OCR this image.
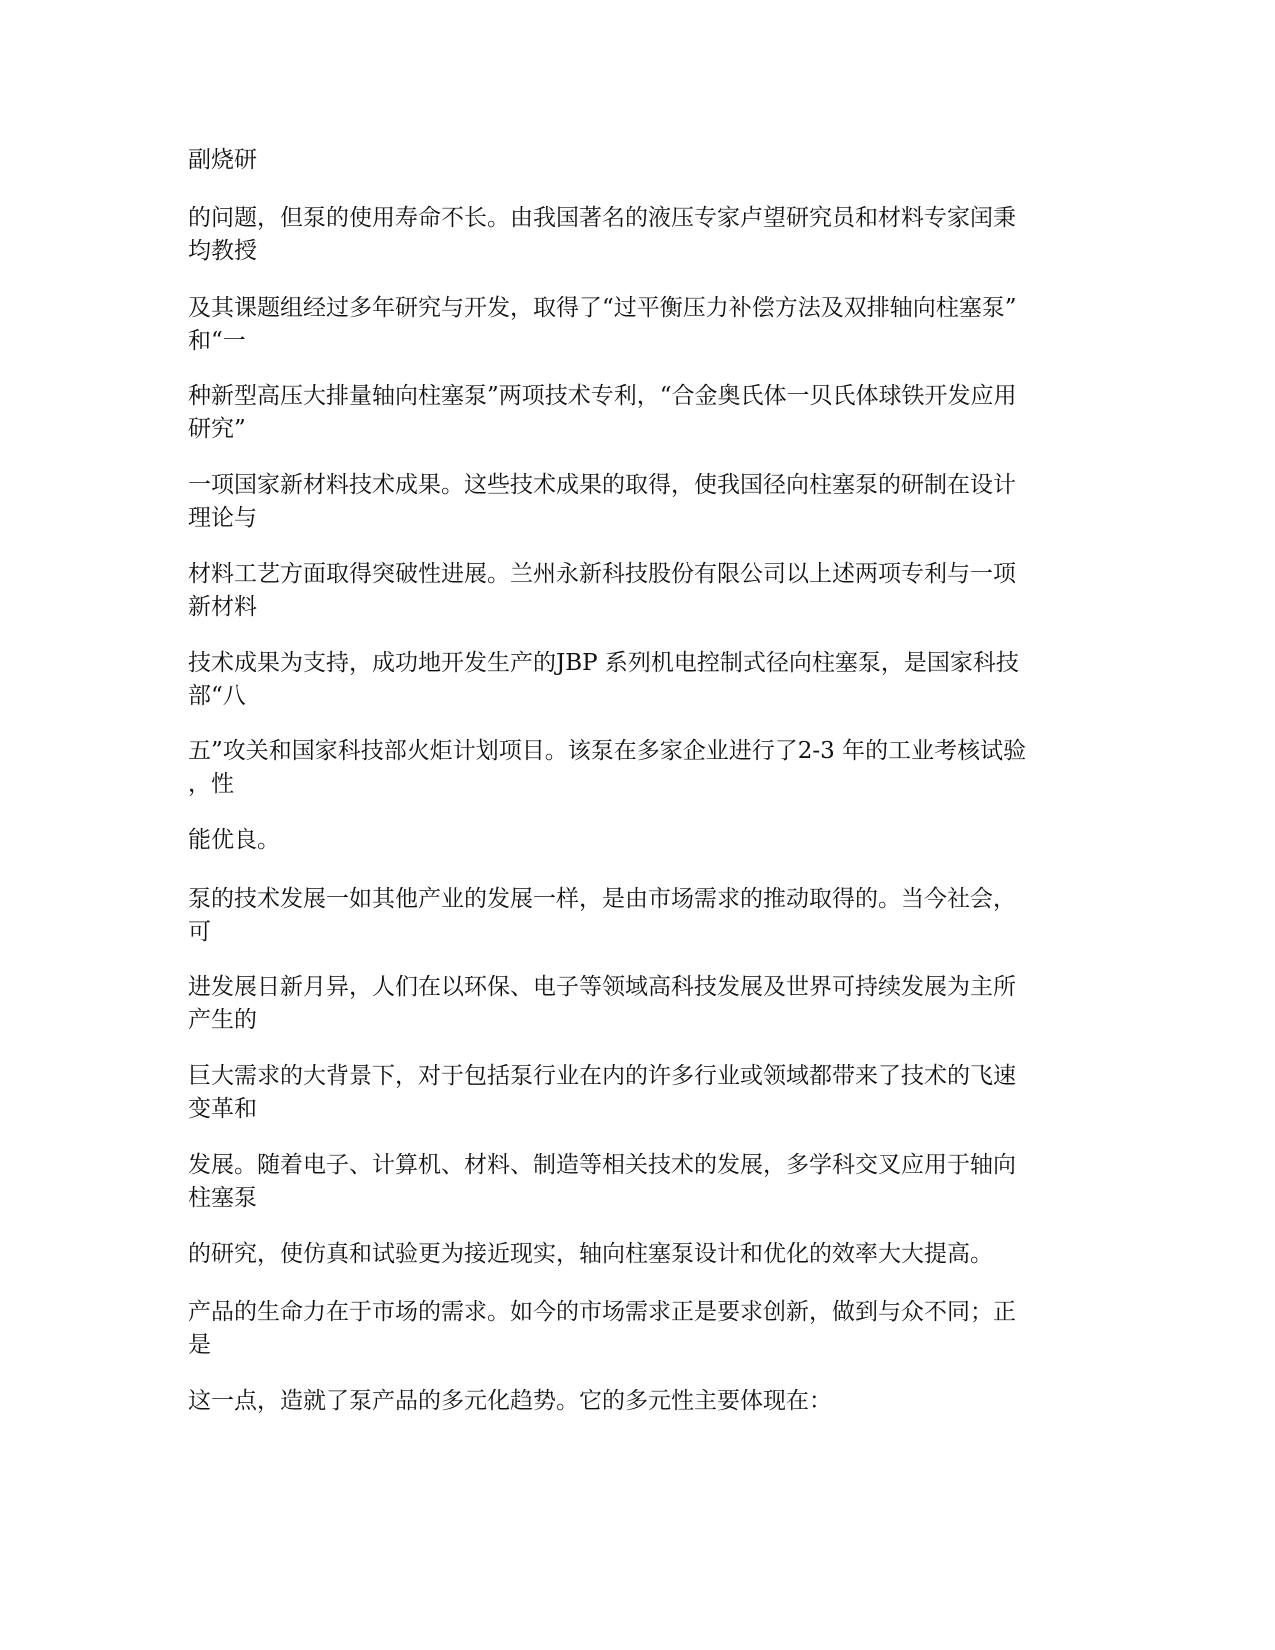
副烧研

的问题，但泵的使用寿命不长。由我国著名的液压专家卢望研究员和材料专家闰秉
均教授

及其课题组经过多年研究与开发，取得了“过平衡压力补偿方法及双排轴向柱塞泵”
和“一

种新型高压大排量轴向柱塞泵”两项技术专利，“合金奥氏体一贝氏体球铁开发应用
研究”

一项国家新材料技术成果。这些技术成果的取得，使我国径向柱塞泵的研制在设计
理论与

材料工艺方面取得突破性进展。兰州永新科技股份有限公司以上述两项专利与一项
新材料

技术成果为支持，成功地开发生产的JBP 系列机电控制式径向柱塞泵，是国家科技
部“八

五”攻关和国家科技部火炬计划项目。该泵在多家企业进行了2-3 年的工业考核试验
，性

能优良。

泵的技术发展一如其他产业的发展一样，是由市场需求的推动取得的。当今社会，
可

进发展日新月异，人们在以环保、电子等领域高科技发展及世界可持续发展为主所
产生的

巨大需求的大背景下，对于包括泵行业在内的许多行业或领域都带来了技术的飞速
变革和

发展。随着电子、计算机、材料、制造等相关技术的发展，多学科交叉应用于轴向
柱塞泵

的研究，使仿真和试验更为接近现实，轴向柱塞泵设计和优化的效率大大提高。

产品的生命力在于市场的需求。如今的市场需求正是要求创新，做到与众不同；正
是

这一点，造就了泵产品的多元化趋势。它的多元性主要体现在：
